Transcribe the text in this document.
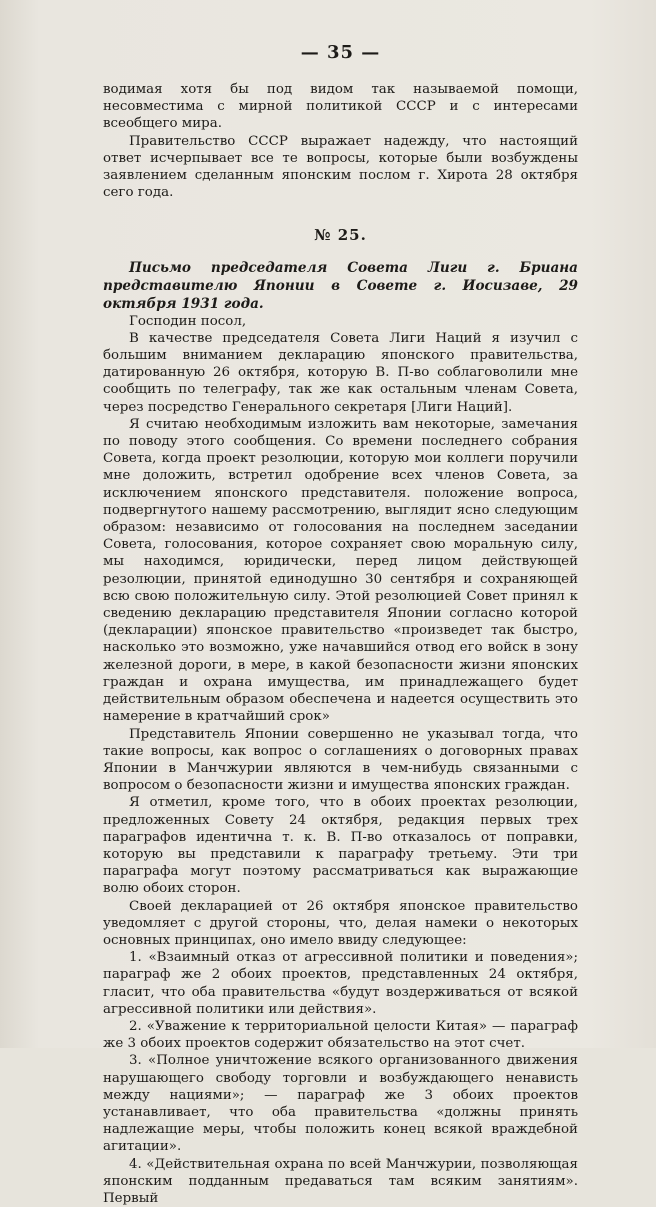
— 35 —

водимая хотя бы под видом так называемой помощи, несовместима с мирной политикой СССР и с интересами всеобщего мира.

Правительство СССР выражает надежду, что настоящий ответ исчерпывает все те вопросы, которые были возбуждены заявлением сделанным японским послом г. Хирота 28 октября сего года.

№ 25.

Письмо председателя Совета Лиги г. Бриана представителю Японии в Совете г. Иосизаве, 29 октября 1931 года.

Господин посол,

В качестве председателя Совета Лиги Наций я изучил с большим вниманием декларацию японского правительства, датированную 26 октября, которую В. П-во соблаговолили мне сообщить по телеграфу, так же как остальным членам Совета, через посредство Генерального секретаря [Лиги Наций].

Я считаю необходимым изложить вам некоторые, замечания по поводу этого сообщения. Со времени последнего собрания Совета, когда проект резолюции, которую мои коллеги поручили мне доложить, встретил одобрение всех членов Совета, за исключением японского представителя. положение вопроса, подвергнутого нашему рассмотрению, выглядит ясно следующим образом: независимо от голосования на последнем заседании Совета, голосования, которое сохраняет свою моральную силу, мы находимся, юридически, перед лицом действующей резолюции, принятой единодушно 30 сентября и сохраняющей всю свою положительную силу. Этой резолюцией Совет принял к сведению декларацию представителя Японии согласно которой (декларации) японское правительство «произведет так быстро, насколько это возможно, уже начавшийся отвод его войск в зону железной дороги, в мере, в какой безопасности жизни японских граждан и охрана имущества, им принадлежащего будет действительным образом обеспечена и надеется осуществить это намерение в кратчайший срок»

Представитель Японии совершенно не указывал тогда, что такие вопросы, как вопрос о соглашениях о договорных правах Японии в Манчжурии являются в чем-нибудь связанными с вопросом о безопасности жизни и имущества японских граждан.

Я отметил, кроме того, что в обоих проектах резолюции, предложенных Совету 24 октября, редакция первых трех параграфов идентична т. к. В. П-во отказалось от поправки, которую вы представили к параграфу третьему. Эти три параграфа могут поэтому рассматриваться как выражающие волю обоих сторон.

Своей декларацией от 26 октября японское правительство уведомляет с другой стороны, что, делая намеки о некоторых основных принципах, оно имело ввиду следующее:

1. «Взаимный отказ от агрессивной политики и поведения»; параграф же 2 обоих проектов, представленных 24 октября, гласит, что оба правительства «будут воздерживаться от всякой агрессивной политики или действия».

2. «Уважение к территориальной целости Китая» — параграф же 3 обоих проектов содержит обязательство на этот счет.

3. «Полное уничтожение всякого организованного движения нарушающего свободу торговли и возбуждающего ненависть между нациями»; — параграф же 3 обоих проектов устанавливает, что оба правительства «должны принять надлежащие меры, чтобы положить конец всякой враждебной агитации».

4. «Действительная охрана по всей Манчжурии, позволяющая японским подданным предаваться там всяким занятиям». Первый
